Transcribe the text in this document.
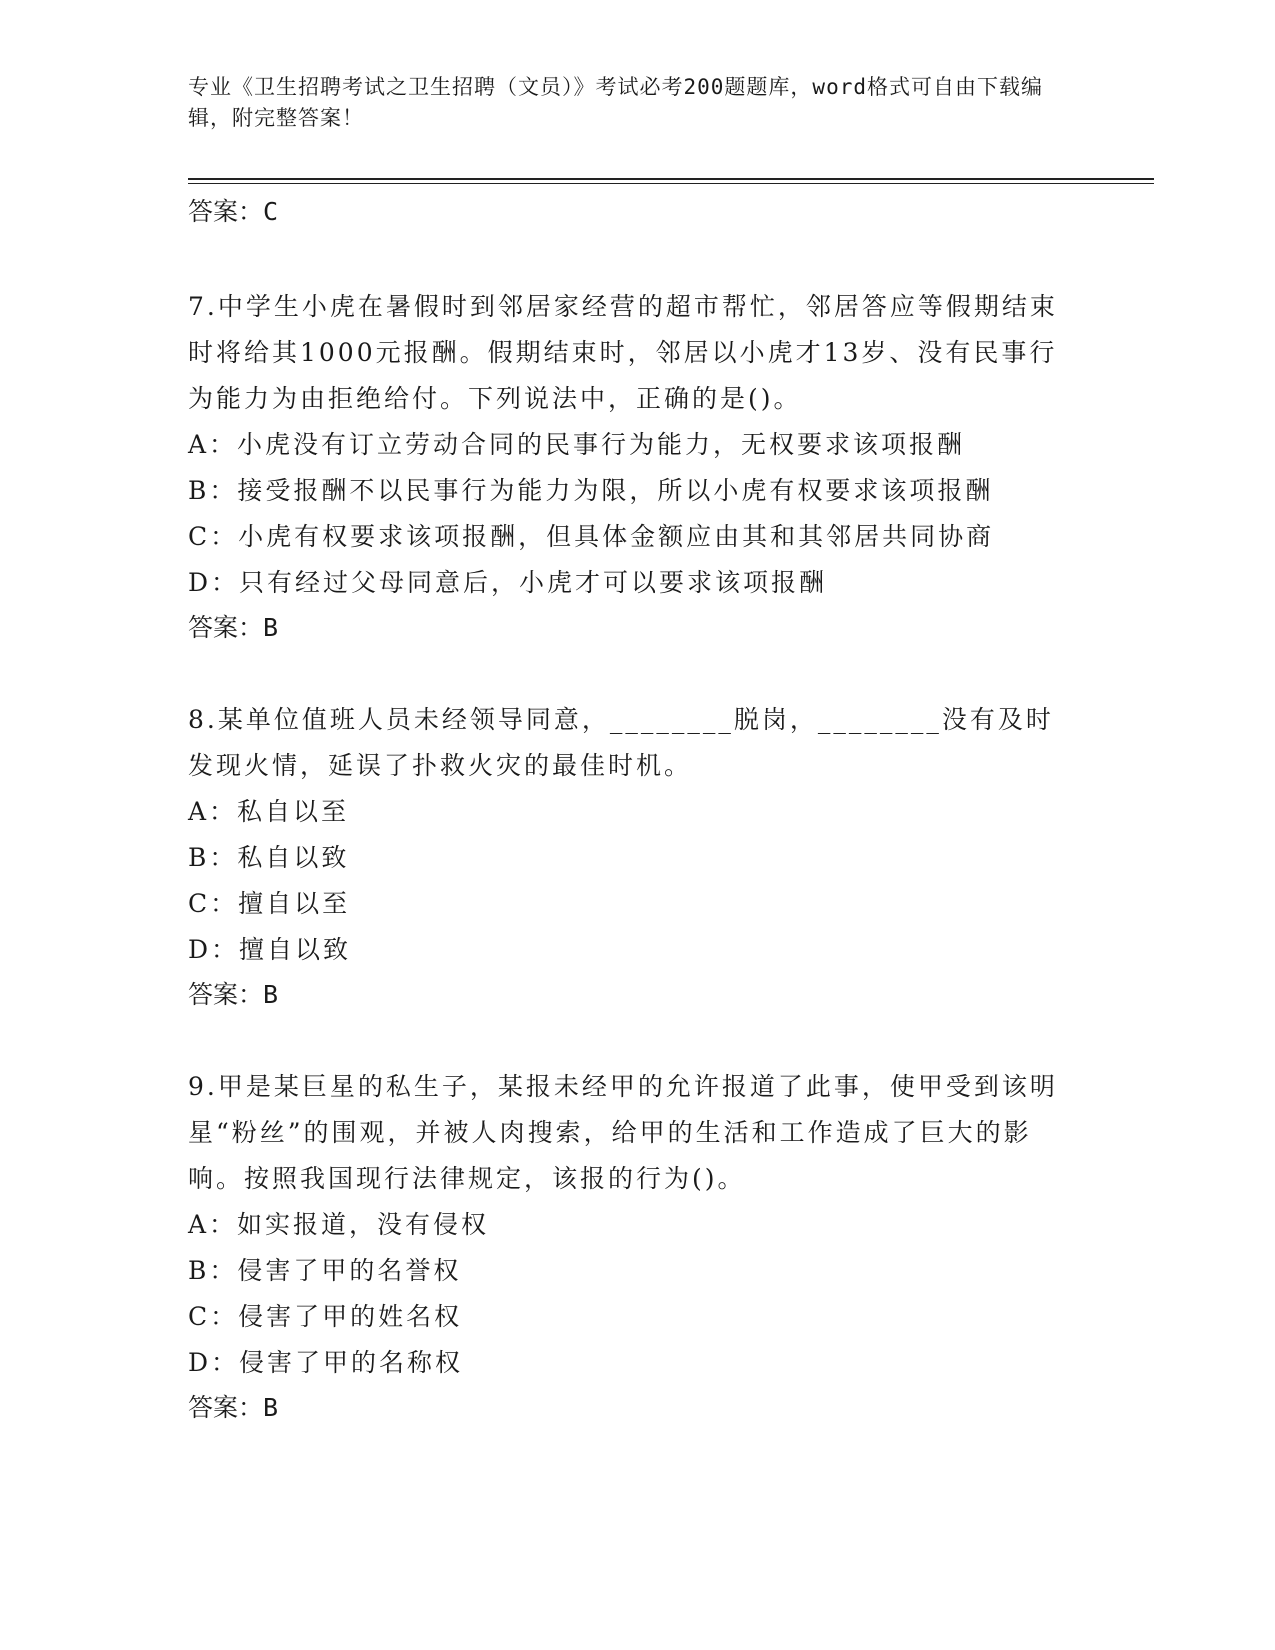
专业《卫生招聘考试之卫生招聘（文员）》考试必考200题题库，word格式可自由下载编辑，附完整答案！
答案：C

7.中学生小虎在暑假时到邻居家经营的超市帮忙，邻居答应等假期结束时将给其1000元报酬。假期结束时，邻居以小虎才13岁、没有民事行为能力为由拒绝给付。下列说法中，正确的是()。

A：小虎没有订立劳动合同的民事行为能力，无权要求该项报酬

B：接受报酬不以民事行为能力为限，所以小虎有权要求该项报酬

C：小虎有权要求该项报酬，但具体金额应由其和其邻居共同协商

D：只有经过父母同意后，小虎才可以要求该项报酬

答案：B

8.某单位值班人员未经领导同意，________脱岗，________没有及时发现火情，延误了扑救火灾的最佳时机。

A：私自以至

B：私自以致

C：擅自以至

D：擅自以致

答案：B

9.甲是某巨星的私生子，某报未经甲的允许报道了此事，使甲受到该明星“粉丝”的围观，并被人肉搜索，给甲的生活和工作造成了巨大的影响。按照我国现行法律规定，该报的行为()。

A：如实报道，没有侵权

B：侵害了甲的名誉权

C：侵害了甲的姓名权

D：侵害了甲的名称权

答案：B
